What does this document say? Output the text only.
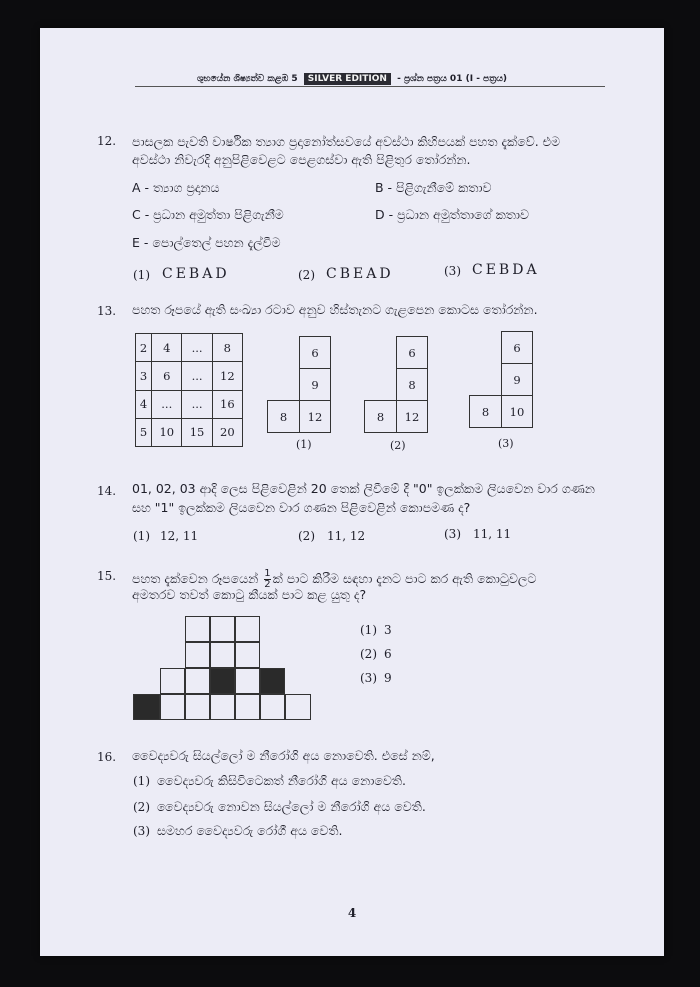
ශුභයේන ශිෂ්‍යත්ව කළඹ 5 SILVER EDITION - ප්‍රශ්න පත්‍රය 01 (I - පත්‍රය)
12. පාසලක පැවති වාර්ෂික ත්‍යාග ප්‍රදානෝත්සවයේ අවස්ථා කිහිපයක් පහත දැක්වේ. එම
අවස්ථා නිවැරදි අනුපිළිවෙළට පෙළගස්වා ඇති පිළිතුර තෝරන්න.
A - ත්‍යාග ප්‍රදානය	B - පිළිගැනීමේ කතාව
C - ප්‍රධාන අමුත්තා පිළිගැනීම	D - ප්‍රධාන අමුත්තාගේ කතාව
E - පොල්තෙල් පහන දැල්වීම
(1) CEBAD	(2) CBEAD	(3) CEBDA
13. පහත රූපයේ ඇති සංඛ්‍යා රටාව අනුව හිස්තැනට ගැළපෙන කොටස තෝරන්න.
2	4	...	8
3	6	...	12
4	...	...	16
5	10	15	20
6
9
8	12
(1)
6
8
8	12
(2)
6
9
8	10
(3)
14. 01, 02, 03 ආදි ලෙස පිළිවෙළින් 20 තෙක් ලිවීමේ දී "0" ඉලක්කම ලියවෙන වාර ගණන
සහ "1" ඉලක්කම ලියවෙන වාර ගණන පිළිවෙළින් කොපමණ ද?
(1) 12, 11	(2) 11, 12	(3) 11, 11
15. පහත දැක්වෙන රූපයෙන් $\frac{1}{2}$ ක් පාට කිරීම සඳහා දැනට පාට කර ඇති කොටුවලට
අමතරව තවත් කොටු කීයක් පාට කළ යුතු ද?
(1) 3
(2) 6
(3) 9
16. වෛද්‍යවරු සියල්ලෝ ම නීරෝගි අය නොවෙති. එසේ නම්,
(1) වෛද්‍යවරු කිසිවිටෙකත් නීරෝගි අය නොවෙති.
(2) වෛද්‍යවරු නොවන සියල්ලෝ ම නීරෝගි අය වෙති.
(3) සමහර වෛද්‍යවරු රෝගී අය වෙති.
4
